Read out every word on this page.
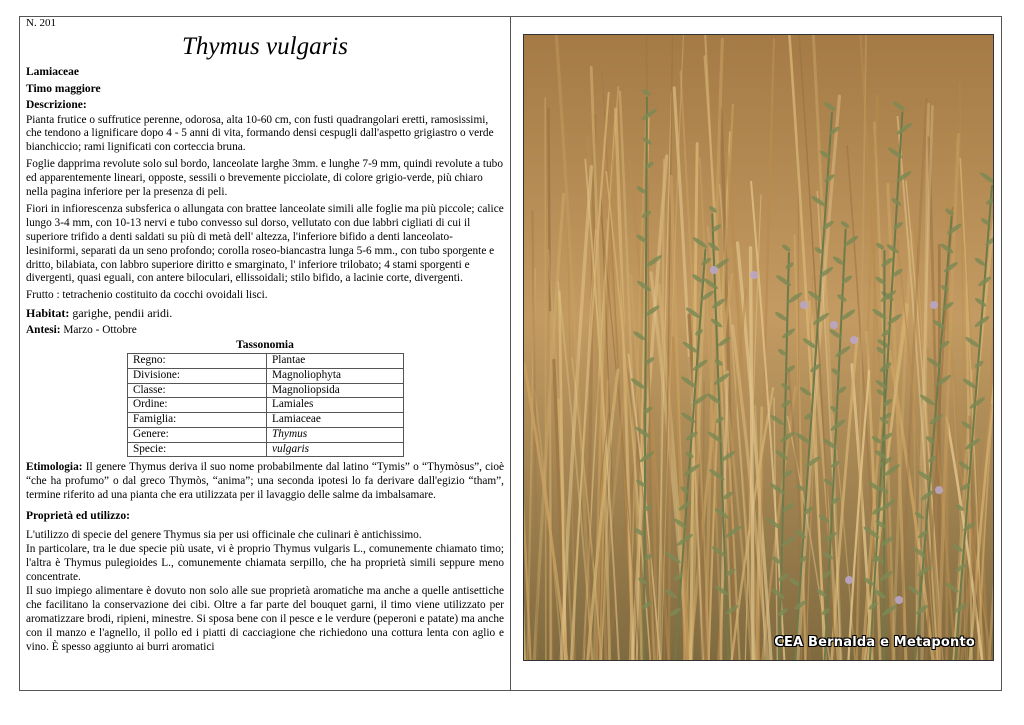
N. 201
Thymus vulgaris
Lamiaceae
Timo maggiore
Descrizione:

Pianta frutice o suffrutice perenne, odorosa, alta 10-60 cm, con fusti quadrangolari eretti, ramosissimi, che tendono a lignificare dopo 4 - 5 anni di vita, formando densi cespugli dall'aspetto grigiastro o verde bianchiccio; rami lignificati con corteccia bruna.

Foglie dapprima revolute solo sul bordo, lanceolate larghe 3mm. e lunghe 7-9 mm, quindi revolute a tubo ed apparentemente lineari, opposte, sessili o brevemente picciolate, di colore grigio-verde, più chiaro nella pagina inferiore per la presenza di peli.

Fiori in infiorescenza subsferica o allungata con brattee lanceolate simili alle foglie ma più piccole; calice lungo 3-4 mm, con 10-13 nervi e tubo convesso sul dorso, vellutato con due labbri cigliati di cui il superiore trifido a denti saldati su più di metà dell' altezza, l'inferiore bifido a denti lanceolato-lesiniformi, separati da un seno profondo; corolla roseo-biancastra lunga 5-6 mm., con tubo sporgente e dritto, bilabiata, con labbro superiore diritto e smarginato, l' inferiore trilobato; 4 stami sporgenti e divergenti, quasi eguali, con antere biloculari, ellissoidali; stilo bifido, a lacinie corte, divergenti.

Frutto : tetrachenio costituito da cocchi ovoidali lisci.

Habitat: garighe, pendii aridi.
Antesi: Marzo - Ottobre
Tassonomia
Regno:	Plantae
Divisione:	Magnoliophyta
Classe:	Magnoliopsida
Ordine:	Lamiales
Famiglia:	Lamiaceae
Genere:	Thymus
Specie:	vulgaris

Etimologia: Il genere Thymus deriva il suo nome probabilmente dal latino “Tymis” o “Thymòsus”, cioè “che ha profumo” o dal greco Thymòs, “anima”; una seconda ipotesi lo fa derivare dall'egizio “tham”, termine riferito ad una pianta che era utilizzata per il lavaggio delle salme da imbalsamare.

Proprietà ed utilizzo:

L'utilizzo di specie del genere Thymus sia per usi officinale che culinari è antichissimo.
In particolare, tra le due specie più usate, vi è proprio Thymus vulgaris L., comunemente chiamato timo; l'altra è Thymus pulegioides L., comunemente chiamata serpillo, che ha proprietà simili seppure meno concentrate.
Il suo impiego alimentare è dovuto non solo alle sue proprietà aromatiche ma anche a quelle antisettiche che facilitano la conservazione dei cibi. Oltre a far parte del bouquet garni, il timo viene utilizzato per aromatizzare brodi, ripieni, minestre. Si sposa bene con il pesce e le verdure (peperoni e patate) ma anche con il manzo e l'agnello, il pollo ed i piatti di cacciagione che richiedono una cottura lenta con aglio e vino. È spesso aggiunto ai burri aromatici	CEA Bernalda e Metaponto
